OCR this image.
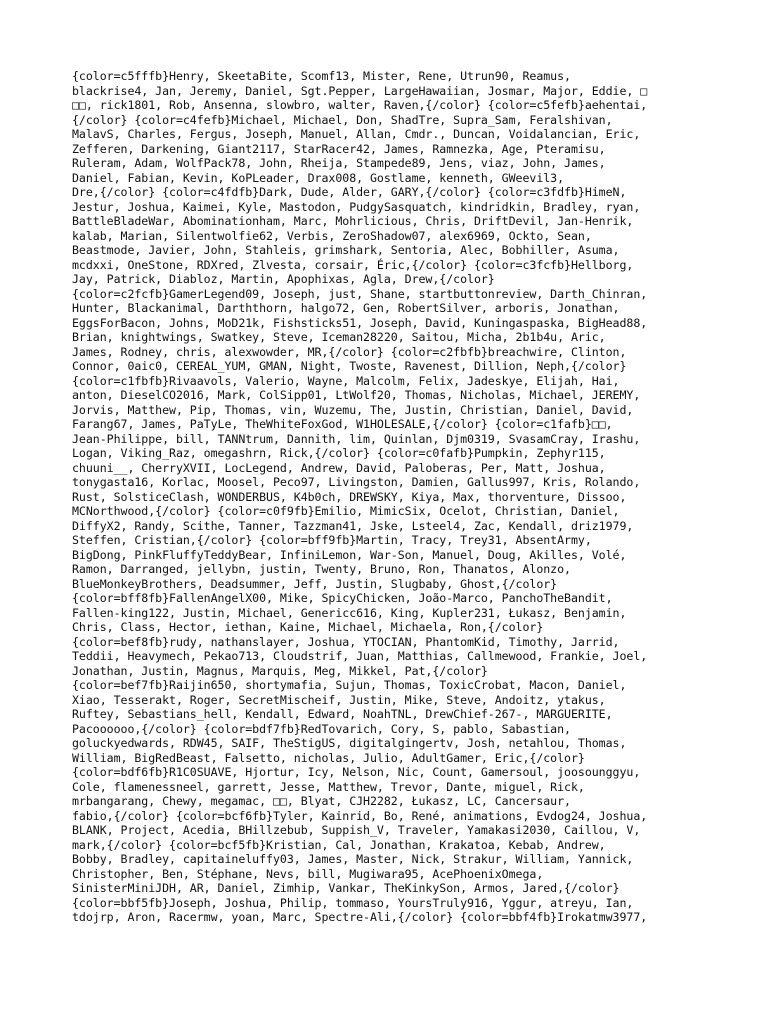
{color=c5fffb}Henry, SkeetaBite, Scomf13, Mister, Rene, Utrun90, Reamus,
blackrise4, Jan, Jeremy, Daniel, Sgt.Pepper, LargeHawaiian, Josmar, Major, Eddie, □
□□, rick1801, Rob, Ansenna, slowbro, walter, Raven,{/color} {color=c5fefb}aehentai,
{/color} {color=c4fefb}Michael, Michael, Don, ShadTre, Supra_Sam, Feralshivan,
MalavS, Charles, Fergus, Joseph, Manuel, Allan, Cmdr., Duncan, Voidalancian, Eric,
Zefferen, Darkening, Giant2117, StarRacer42, James, Ramnezka, Age, Pteramisu,
Ruleram, Adam, WolfPack78, John, Rheija, Stampede89, Jens, viaz, John, James,
Daniel, Fabian, Kevin, KoPLeader, Drax008, Gostlame, kenneth, GWeevil3,
Dre,{/color} {color=c4fdfb}Dark, Dude, Alder, GARY,{/color} {color=c3fdfb}HimeN,
Jestur, Joshua, Kaimei, Kyle, Mastodon, PudgySasquatch, kindridkin, Bradley, ryan,
BattleBladeWar, Abominationham, Marc, Mohrlicious, Chris, DriftDevil, Jan-Henrik,
kalab, Marian, Silentwolfie62, Verbis, ZeroShadow07, alex6969, Ockto, Sean,
Beastmode, Javier, John, Stahleis, grimshark, Sentoria, Alec, Bobhiller, Asuma,
mcdxxi, OneStone, RDXred, Zlvesta, corsair, Éric,{/color} {color=c3fcfb}Hellborg,
Jay, Patrick, Diabloz, Martin, Apophixas, Agla, Drew,{/color}
{color=c2fcfb}GamerLegend09, Joseph, just, Shane, startbuttonreview, Darth_Chinran,
Hunter, Blackanimal, Darththorn, halgo72, Gen, RobertSilver, arboris, Jonathan,
EggsForBacon, Johns, MoD21k, Fishsticks51, Joseph, David, Kuningaspaska, BigHead88,
Brian, knightwings, Swatkey, Steve, Iceman28220, Saitou, Micha, 2b1b4u, Aric,
James, Rodney, chris, alexwowder, MR,{/color} {color=c2fbfb}breachwire, Clinton,
Connor, 0aic0, CEREAL_YUM, GMAN, Night, Twoste, Ravenest, Dillion, Neph,{/color}
{color=c1fbfb}Rivaavols, Valerio, Wayne, Malcolm, Felix, Jadeskye, Elijah, Hai,
anton, DieselCO2016, Mark, ColSipp01, LtWolf20, Thomas, Nicholas, Michael, JEREMY,
Jorvis, Matthew, Pip, Thomas, vin, Wuzemu, The, Justin, Christian, Daniel, David,
Farang67, James, PaTyLe, TheWhiteFoxGod, W1HOLESALE,{/color} {color=c1fafb}□□,
Jean-Philippe, bill, TANNtrum, Dannith, lim, Quinlan, Djm0319, SvasamCray, Irashu,
Logan, Viking_Raz, omegashrn, Rick,{/color} {color=c0fafb}Pumpkin, Zephyr115,
chuuni__, CherryXVII, LocLegend, Andrew, David, Paloberas, Per, Matt, Joshua,
tonygasta16, Korlac, Moosel, Peco97, Livingston, Damien, Gallus997, Kris, Rolando,
Rust, SolsticeClash, WONDERBUS, K4b0ch, DREWSKY, Kiya, Max, thorventure, Dissoo,
MCNorthwood,{/color} {color=c0f9fb}Emilio, MimicSix, Ocelot, Christian, Daniel,
DiffyX2, Randy, Scithe, Tanner, Tazzman41, Jske, Lsteel4, Zac, Kendall, driz1979,
Steffen, Cristian,{/color} {color=bff9fb}Martin, Tracy, Trey31, AbsentArmy,
BigDong, PinkFluffyTeddyBear, InfiniLemon, War-Son, Manuel, Doug, Akilles, Volé,
Ramon, Darranged, jellybn, justin, Twenty, Bruno, Ron, Thanatos, Alonzo,
BlueMonkeyBrothers, Deadsummer, Jeff, Justin, Slugbaby, Ghost,{/color}
{color=bff8fb}FallenAngelX00, Mike, SpicyChicken, João-Marco, PanchoTheBandit,
Fallen-king122, Justin, Michael, Genericc616, King, Kupler231, Łukasz, Benjamin,
Chris, Class, Hector, iethan, Kaine, Michael, Michaela, Ron,{/color}
{color=bef8fb}rudy, nathanslayer, Joshua, YTOCIAN, PhantomKid, Timothy, Jarrid,
Teddii, Heavymech, Pekao713, Cloudstrif, Juan, Matthias, Callmewood, Frankie, Joel,
Jonathan, Justin, Magnus, Marquis, Meg, Mikkel, Pat,{/color}
{color=bef7fb}Raijin650, shortymafia, Sujun, Thomas, ToxicCrobat, Macon, Daniel,
Xiao, Tesserakt, Roger, SecretMischeif, Justin, Mike, Steve, Andoitz, ytakus,
Ruftey, Sebastians_hell, Kendall, Edward, NoahTNL, DrewChief-267-, MARGUERITE,
Pacoooooo,{/color} {color=bdf7fb}RedTovarich, Cory, S, pablo, Sabastian,
goluckyedwards, RDW45, SAIF, TheStigUS, digitalgingertv, Josh, netahlou, Thomas,
William, BigRedBeast, Falsetto, nicholas, Julio, AdultGamer, Eric,{/color}
{color=bdf6fb}R1C0SUAVE, Hjortur, Icy, Nelson, Nic, Count, Gamersoul, joosounggyu,
Cole, flamenessneel, garrett, Jesse, Matthew, Trevor, Dante, miguel, Rick,
mrbangarang, Chewy, megamac, □□, Blyat, CJH2282, Łukasz, LC, Cancersaur,
fabio,{/color} {color=bcf6fb}Tyler, Kainrid, Bo, René, animations, Evdog24, Joshua,
BLANK, Project, Acedia, BHillzebub, Suppish_V, Traveler, Yamakasi2030, Caillou, V,
mark,{/color} {color=bcf5fb}Kristian, Cal, Jonathan, Krakatoa, Kebab, Andrew,
Bobby, Bradley, capitaineluffy03, James, Master, Nick, Strakur, William, Yannick,
Christopher, Ben, Stéphane, Nevs, bill, Mugiwara95, AcePhoenixOmega,
SinisterMiniJDH, AR, Daniel, Zimhip, Vankar, TheKinkySon, Armos, Jared,{/color}
{color=bbf5fb}Joseph, Joshua, Philip, tommaso, YoursTruly916, Yggur, atreyu, Ian,
tdojrp, Aron, Racermw, yoan, Marc, Spectre-Ali,{/color} {color=bbf4fb}Irokatmw3977,
